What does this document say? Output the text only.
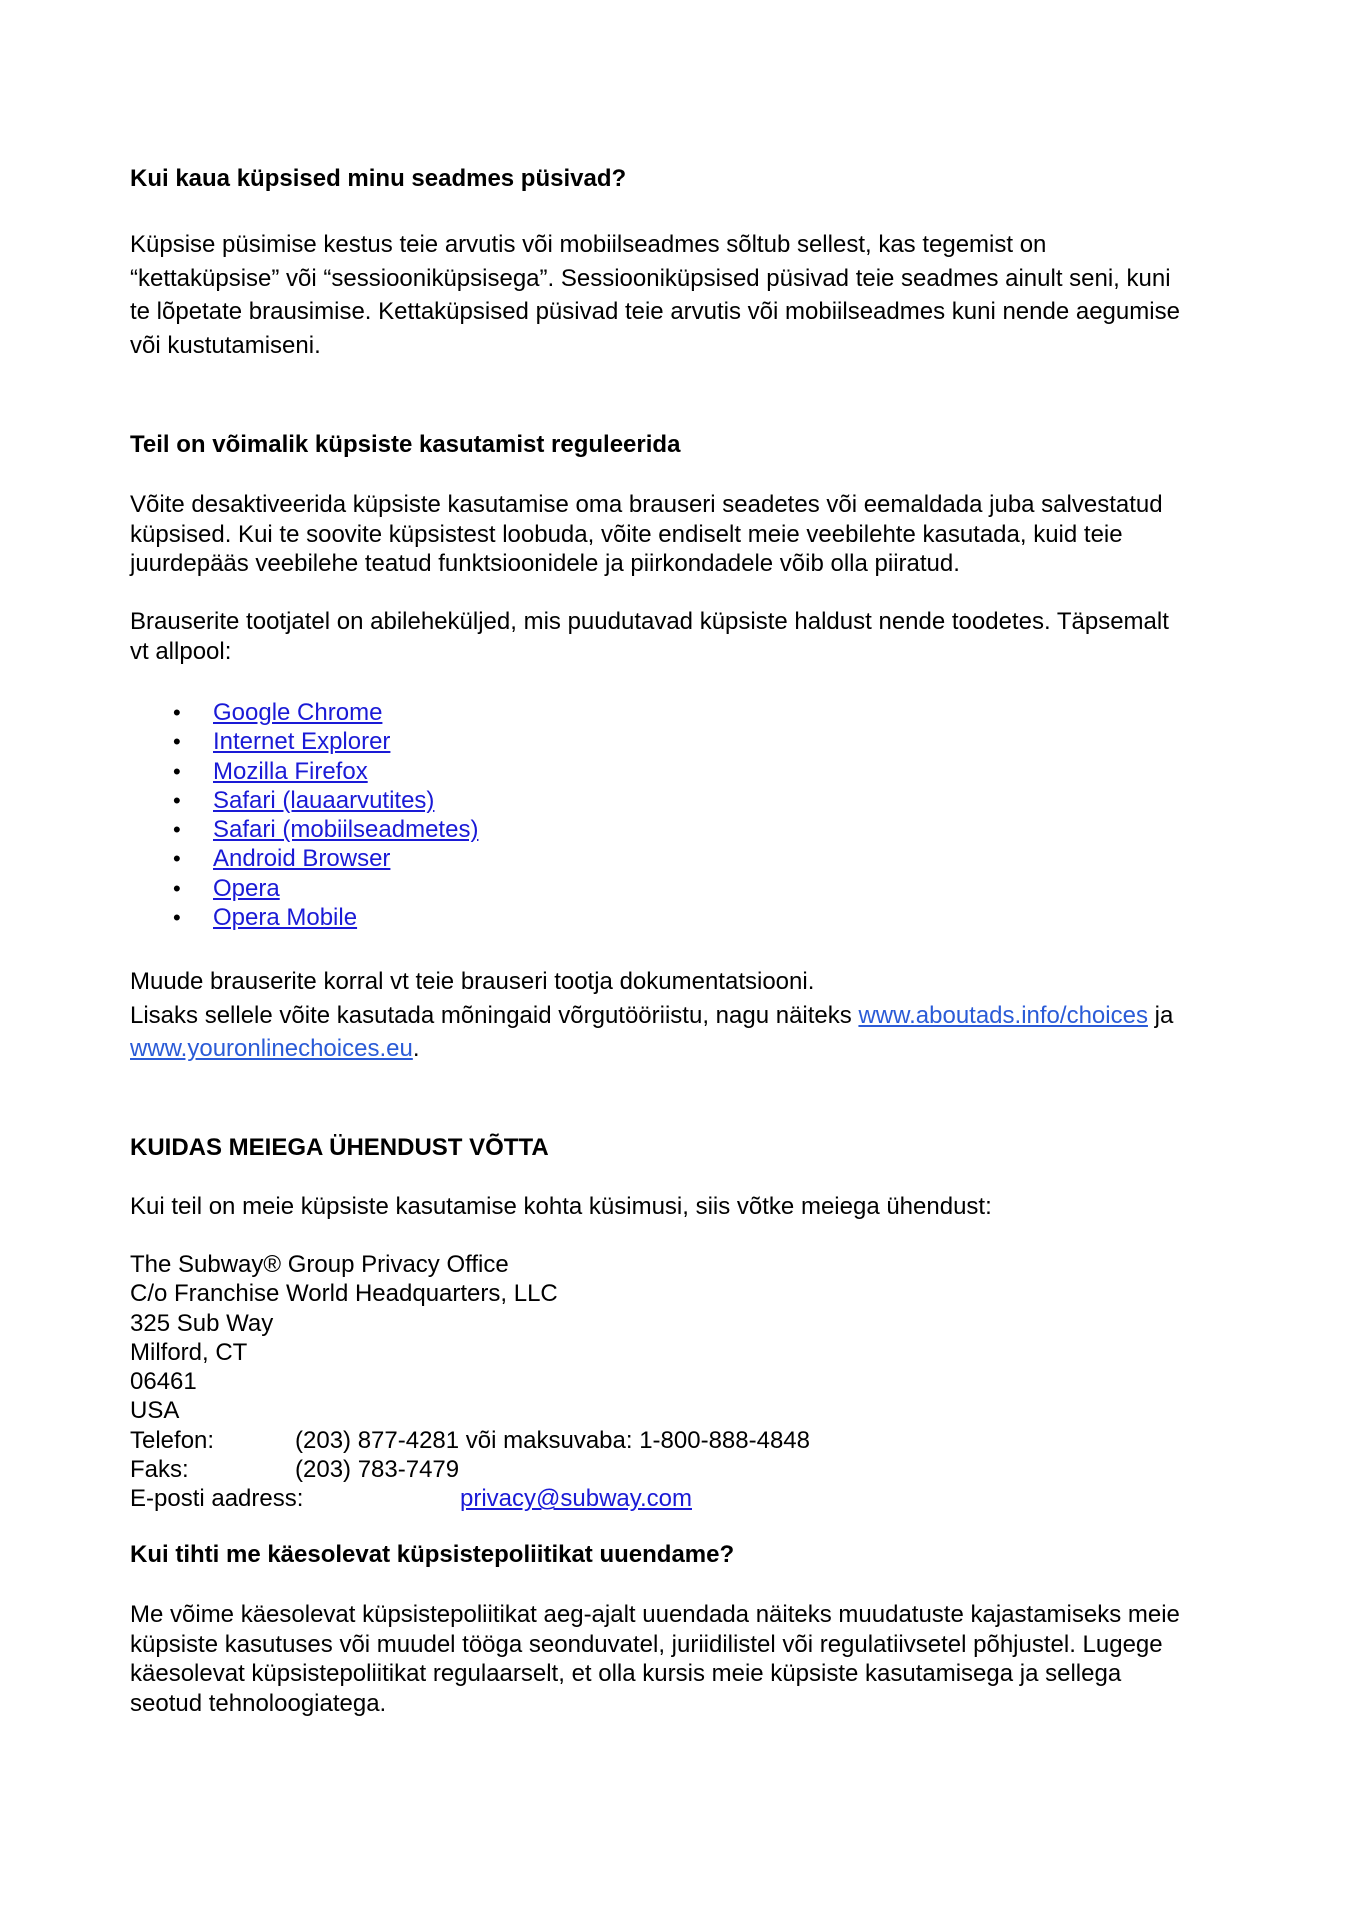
Kui kaua küpsised minu seadmes püsivad?
Küpsise püsimise kestus teie arvutis või mobiilseadmes sõltub sellest, kas tegemist on
“kettaküpsise” või “sessiooniküpsisega”. Sessiooniküpsised püsivad teie seadmes ainult seni, kuni
te lõpetate brausimise. Kettaküpsised püsivad teie arvutis või mobiilseadmes kuni nende aegumise
või kustutamiseni.
Teil on võimalik küpsiste kasutamist reguleerida
Võite desaktiveerida küpsiste kasutamise oma brauseri seadetes või eemaldada juba salvestatud
küpsised. Kui te soovite küpsistest loobuda, võite endiselt meie veebilehte kasutada, kuid teie
juurdepääs veebilehe teatud funktsioonidele ja piirkondadele võib olla piiratud.
Brauserite tootjatel on abileheküljed, mis puudutavad küpsiste haldust nende toodetes. Täpsemalt
vt allpool:
• Google Chrome
• Internet Explorer
• Mozilla Firefox
• Safari (lauaarvutites)
• Safari (mobiilseadmetes)
• Android Browser
• Opera
• Opera Mobile
Muude brauserite korral vt teie brauseri tootja dokumentatsiooni.
Lisaks sellele võite kasutada mõningaid võrgutööriistu, nagu näiteks www.aboutads.info/choices ja
www.youronlinechoices.eu.
KUIDAS MEIEGA ÜHENDUST VÕTTA
Kui teil on meie küpsiste kasutamise kohta küsimusi, siis võtke meiega ühendust:
The Subway® Group Privacy Office
C/o Franchise World Headquarters, LLC
325 Sub Way
Milford, CT
06461
USA
Telefon:	(203) 877-4281 või maksuvaba: 1-800-888-4848
Faks:	(203) 783-7479
E-posti aadress:	privacy@subway.com
Kui tihti me käesolevat küpsistepoliitikat uuendame?
Me võime käesolevat küpsistepoliitikat aeg-ajalt uuendada näiteks muudatuste kajastamiseks meie
küpsiste kasutuses või muudel tööga seonduvatel, juriidilistel või regulatiivsetel põhjustel. Lugege
käesolevat küpsistepoliitikat regulaarselt, et olla kursis meie küpsiste kasutamisega ja sellega
seotud tehnoloogiatega.
